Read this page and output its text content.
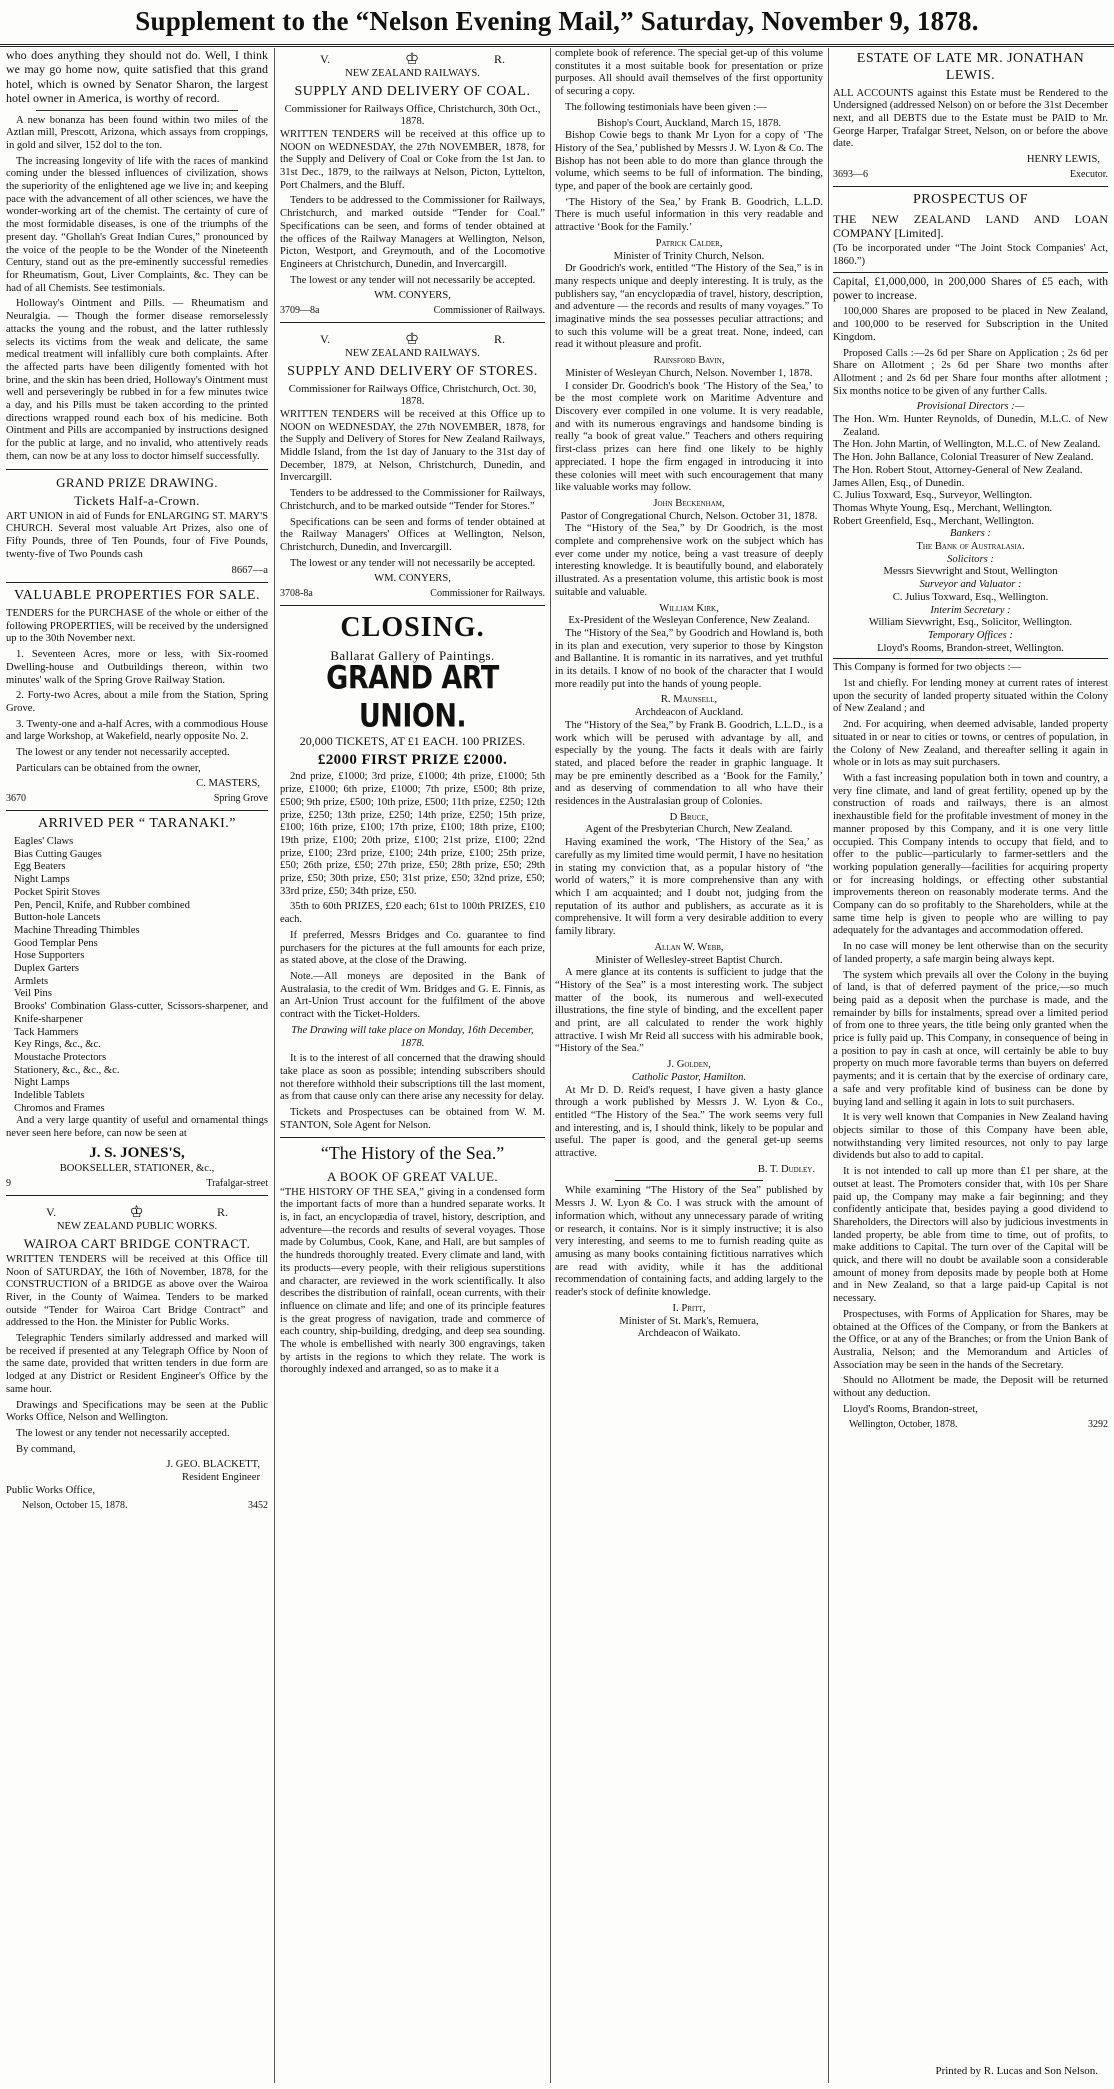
Supplement to the “Nelson Evening Mail,” Saturday, November 9, 1878.

who does anything they should not do. Well, I think we may go home now, quite satisfied that this grand hotel, which is owned by Senator Sharon, the largest hotel owner in America, is worthy of record.

A new bonanza has been found within two miles of the Aztlan mill, Prescott, Arizona, which assays from croppings, in gold and silver, 152 dol to the ton.

The increasing longevity of life with the races of mankind coming under the blessed influences of civilization, shows the superiority of the enlightened age we live in; and keeping pace with the advancement of all other sciences, we have the wonder-working art of the chemist. The certainty of cure of the most formidable diseases, is one of the triumphs of the present day. “Ghollah's Great Indian Cures,” pronounced by the voice of the people to be the Wonder of the Nineteenth Century, stand out as the pre-eminently successful remedies for Rheumatism, Gout, Liver Complaints, &c. They can be had of all Chemists. See testimonials.

Holloway's Ointment and Pills. — Rheumatism and Neuralgia. — Though the former disease remorselessly attacks the young and the robust, and the latter ruthlessly selects its victims from the weak and delicate, the same medical treatment will infallibly cure both complaints. After the affected parts have been diligently fomented with hot brine, and the skin has been dried, Holloway's Ointment must well and perseveringly be rubbed in for a few minutes twice a day, and his Pills must be taken according to the printed directions wrapped round each box of his medicine. Both Ointment and Pills are accompanied by instructions designed for the public at large, and no invalid, who attentively reads them, can now be at any loss to doctor himself successfully.

GRAND PRIZE DRAWING.
Tickets Half-a-Crown.

ART UNION in aid of Funds for ENLARGING ST. MARY'S CHURCH. Several most valuable Art Prizes, also one of Fifty Pounds, three of Ten Pounds, four of Five Pounds, twenty-five of Two Pounds cash

8667—a
VALUABLE PROPERTIES FOR SALE.

TENDERS for the PURCHASE of the whole or either of the following PROPERTIES, will be received by the undersigned up to the 30th November next.

1. Seventeen Acres, more or less, with Six-roomed Dwelling-house and Outbuildings thereon, within two minutes' walk of the Spring Grove Railway Station.

2. Forty-two Acres, about a mile from the Station, Spring Grove.

3. Twenty-one and a-half Acres, with a commodious House and large Workshop, at Wakefield, nearly opposite No. 2.

The lowest or any tender not necessarily accepted.

Particulars can be obtained from the owner,

C. MASTERS,
3670	Spring Grove
ARRIVED PER “ TARANAKI.”
Eagles' Claws
Bias Cutting Gauges
Egg Beaters
Night Lamps
Pocket Spirit Stoves
Pen, Pencil, Knife, and Rubber combined
Button-hole Lancets
Machine Threading Thimbles
Good Templar Pens
Hose Supporters
Duplex Garters
Armlets
Veil Pins
Brooks' Combination Glass-cutter, Scissors-sharpener, and Knife-sharpener
Tack Hammers
Key Rings, &c., &c.
Moustache Protectors
Stationery, &c., &c., &c.
Night Lamps
Indelible Tablets
Chromos and Frames

And a very large quantity of useful and ornamental things never seen here before, can now be seen at

J. S. JONES'S,
BOOKSELLER, STATIONER, &c.,
9	Trafalgar-street
V.	♔	R.
NEW ZEALAND PUBLIC WORKS.
WAIROA CART BRIDGE CONTRACT.

WRITTEN TENDERS will be received at this Office till Noon of SATURDAY, the 16th of November, 1878, for the CONSTRUCTION of a BRIDGE as above over the Wairoa River, in the County of Waimea. Tenders to be marked outside “Tender for Wairoa Cart Bridge Contract” and addressed to the Hon. the Minister for Public Works.

Telegraphic Tenders similarly addressed and marked will be received if presented at any Telegraph Office by Noon of the same date, provided that written tenders in due form are lodged at any District or Resident Engineer's Office by the same hour.

Drawings and Specifications may be seen at the Public Works Office, Nelson and Wellington.

The lowest or any tender not necessarily accepted.

By command,

J. GEO. BLACKETT,
Resident Engineer
Public Works Office,
Nelson, October 15, 1878.	3452
V.	♔	R.
NEW ZEALAND RAILWAYS.
SUPPLY AND DELIVERY OF COAL.
Commissioner for Railways Office, Christchurch, 30th Oct., 1878.

WRITTEN TENDERS will be received at this office up to NOON on WEDNESDAY, the 27th NOVEMBER, 1878, for the Supply and Delivery of Coal or Coke from the 1st Jan. to 31st Dec., 1879, to the railways at Nelson, Picton, Lyttelton, Port Chalmers, and the Bluff.

Tenders to be addressed to the Commissioner for Railways, Christchurch, and marked outside “Tender for Coal.” Specifications can be seen, and forms of tender obtained at the offices of the Railway Managers at Wellington, Nelson, Picton, Westport, and Greymouth, and of the Locomotive Engineers at Christchurch, Dunedin, and Invercargill.

The lowest or any tender will not necessarily be accepted.

WM. CONYERS,
3709—8a	Commissioner of Railways.
V.	♔	R.
NEW ZEALAND RAILWAYS.
SUPPLY AND DELIVERY OF STORES.
Commissioner for Railways Office, Christchurch, Oct. 30, 1878.

WRITTEN TENDERS will be received at this Office up to NOON on WEDNESDAY, the 27th NOVEMBER, 1878, for the Supply and Delivery of Stores for New Zealand Railways, Middle Island, from the 1st day of January to the 31st day of December, 1879, at Nelson, Christchurch, Dunedin, and Invercargill.

Tenders to be addressed to the Commissioner for Railways, Christchurch, and to be marked outside “Tender for Stores.”

Specifications can be seen and forms of tender obtained at the Railway Managers' Offices at Wellington, Nelson, Christchurch, Dunedin, and Invercargill.

The lowest or any tender will not necessarily be accepted.

WM. CONYERS,
3708-8a	Commissioner for Railways.
CLOSING.
Ballarat Gallery of Paintings.
GRAND ART UNION.
20,000 TICKETS, AT £1 EACH. 100 PRIZES.
£2000 FIRST PRIZE £2000.

2nd prize, £1000; 3rd prize, £1000; 4th prize, £1000; 5th prize, £1000; 6th prize, £1000; 7th prize, £500; 8th prize, £500; 9th prize, £500; 10th prize, £500; 11th prize, £250; 12th prize, £250; 13th prize, £250; 14th prize, £250; 15th prize, £100; 16th prize, £100; 17th prize, £100; 18th prize, £100; 19th prize, £100; 20th prize, £100; 21st prize, £100; 22nd prize, £100; 23rd prize, £100; 24th prize, £100; 25th prize, £50; 26th prize, £50; 27th prize, £50; 28th prize, £50; 29th prize, £50; 30th prize, £50; 31st prize, £50; 32nd prize, £50; 33rd prize, £50; 34th prize, £50.

35th to 60th PRIZES, £20 each; 61st to 100th PRIZES, £10 each.

If preferred, Messrs Bridges and Co. guarantee to find purchasers for the pictures at the full amounts for each prize, as stated above, at the close of the Drawing.

Note.—All moneys are deposited in the Bank of Australasia, to the credit of Wm. Bridges and G. E. Finnis, as an Art-Union Trust account for the fulfilment of the above contract with the Ticket-Holders.

The Drawing will take place on Monday, 16th December, 1878.

It is to the interest of all concerned that the drawing should take place as soon as possible; intending subscribers should not therefore withhold their subscriptions till the last moment, as from that cause only can there arise any necessity for delay.

Tickets and Prospectuses can be obtained from W. M. STANTON, Sole Agent for Nelson.

“The History of the Sea.”
A BOOK OF GREAT VALUE.

“THE HISTORY OF THE SEA,” giving in a condensed form the important facts of more than a hundred separate works. It is, in fact, an encyclopædia of travel, history, description, and adventure—the records and results of several voyages. Those made by Columbus, Cook, Kane, and Hall, are but samples of the hundreds thoroughly treated. Every climate and land, with its products—every people, with their religious superstitions and character, are reviewed in the work scientifically. It also describes the distribution of rainfall, ocean currents, with their influence on climate and life; and one of its principle features is the great progress of navigation, trade and commerce of each country, ship-building, dredging, and deep sea sounding. The whole is embellished with nearly 300 engravings, taken by artists in the regions to which they relate. The work is thoroughly indexed and arranged, so as to make it a

complete book of reference. The special get-up of this volume constitutes it a most suitable book for presentation or prize purposes. All should avail themselves of the first opportunity of securing a copy.

The following testimonials have been given :—

Bishop's Court, Auckland, March 15, 1878.

Bishop Cowie begs to thank Mr Lyon for a copy of ‘The History of the Sea,’ published by Messrs J. W. Lyon & Co. The Bishop has not been able to do more than glance through the volume, which seems to be full of information. The binding, type, and paper of the book are certainly good.

‘The History of the Sea,’ by Frank B. Goodrich, L.L.D. There is much useful information in this very readable and attractive ‘Book for the Family.’

Patrick Calder,
Minister of Trinity Church, Nelson.

Dr Goodrich's work, entitled “The History of the Sea,” is in many respects unique and deeply interesting. It is truly, as the publishers say, “an encyclopædia of travel, history, description, and adventure — the records and results of many voyages.” To imaginative minds the sea possesses peculiar attractions; and to such this volume will be a great treat. None, indeed, can read it without pleasure and profit.

Rainsford Bavin,
Minister of Wesleyan Church, Nelson. November 1, 1878.

I consider Dr. Goodrich's book ‘The History of the Sea,’ to be the most complete work on Maritime Adventure and Discovery ever compiled in one volume. It is very readable, and with its numerous engravings and handsome binding is really “a book of great value.” Teachers and others requiring first-class prizes can here find one likely to be highly appreciated. I hope the firm engaged in introducing it into these colonies will meet with such encouragement that many like valuable works may follow.

John Beckenham,
Pastor of Congregational Church, Nelson. October 31, 1878.

The “History of the Sea,” by Dr Goodrich, is the most complete and comprehensive work on the subject which has ever come under my notice, being a vast treasure of deeply interesting knowledge. It is beautifully bound, and elaborately illustrated. As a presentation volume, this artistic book is most suitable and valuable.

William Kirk,
Ex-President of the Wesleyan Conference, New Zealand.

The “History of the Sea,” by Goodrich and Howland is, both in its plan and execution, very superior to those by Kingston and Ballantine. It is romantic in its narratives, and yet truthful in its details. I know of no book of the character that I would more readily put into the hands of young people.

R. Maunsell,
Archdeacon of Auckland.

The “History of the Sea,” by Frank B. Goodrich, L.L.D., is a work which will be perused with advantage by all, and especially by the young. The facts it deals with are fairly stated, and placed before the reader in graphic language. It may be pre eminently described as a ‘Book for the Family,’ and as deserving of commendation to all who have their residences in the Australasian group of Colonies.

D Bruce,
Agent of the Presbyterian Church, New Zealand.

Having examined the work, ‘The History of the Sea,’ as carefully as my limited time would permit, I have no hesitation in stating my conviction that, as a popular history of “the world of waters,” it is more comprehensive than any with which I am acquainted; and I doubt not, judging from the reputation of its author and publishers, as accurate as it is comprehensive. It will form a very desirable addition to every family library.

Allan W. Webb,
Minister of Wellesley-street Baptist Church.

A mere glance at its contents is sufficient to judge that the “History of the Sea” is a most interesting work. The subject matter of the book, its numerous and well-executed illustrations, the fine style of binding, and the excellent paper and print, are all calculated to render the work highly attractive. I wish Mr Reid all success with his admirable book, “History of the Sea.”

J. Golden,
Catholic Pastor, Hamilton.

At Mr D. D. Reid's request, I have given a hasty glance through a work published by Messrs J. W. Lyon & Co., entitled “The History of the Sea.” The work seems very full and interesting, and is, I should think, likely to be popular and useful. The paper is good, and the general get-up seems attractive.

B. T. Dudley.

While examining “The History of the Sea” published by Messrs J. W. Lyon & Co. I was struck with the amount of information which, without any unnecessary parade of writing or research, it contains. Nor is it simply instructive; it is also very interesting, and seems to me to furnish reading quite as amusing as many books containing fictitious narratives which are read with avidity, while it has the additional recommendation of containing facts, and adding largely to the reader's stock of definite knowledge.

I. Pritt,
Minister of St. Mark's, Remuera,
Archdeacon of Waikato.
ESTATE OF LATE MR. JONATHAN LEWIS.

ALL ACCOUNTS against this Estate must be Rendered to the Undersigned (addressed Nelson) on or before the 31st December next, and all DEBTS due to the Estate must be PAID to Mr. George Harper, Trafalgar Street, Nelson, on or before the above date.

HENRY LEWIS,
3693—6	Executor.
PROSPECTUS OF

THE NEW ZEALAND LAND AND LOAN COMPANY [Limited].

(To be incorporated under “The Joint Stock Companies' Act, 1860.”)

Capital, £1,000,000, in 200,000 Shares of £5 each, with power to increase.

100,000 Shares are proposed to be placed in New Zealand, and 100,000 to be reserved for Subscription in the United Kingdom.

Proposed Calls :—2s 6d per Share on Application ; 2s 6d per Share on Allotment ; 2s 6d per Share two months after Allotment ; and 2s 6d per Share four months after allotment ; Six months notice to be given of any further Calls.

Provisional Directors :—
The Hon. Wm. Hunter Reynolds, of Dunedin, M.L.C. of New Zealand.
The Hon. John Martin, of Wellington, M.L.C. of New Zealand.
The Hon. John Ballance, Colonial Treasurer of New Zealand.
The Hon. Robert Stout, Attorney-General of New Zealand.
James Allen, Esq., of Dunedin.
C. Julius Toxward, Esq., Surveyor, Wellington.
Thomas Whyte Young, Esq., Merchant, Wellington.
Robert Greenfield, Esq., Merchant, Wellington.
Bankers :
The Bank of Australasia.
Solicitors :
Messrs Sievwright and Stout, Wellington
Surveyor and Valuator :
C. Julius Toxward, Esq., Wellington.
Interim Secretary :
William Sievwright, Esq., Solicitor, Wellington.
Temporary Offices :
Lloyd's Rooms, Brandon-street, Wellington.

This Company is formed for two objects :—

1st and chiefly. For lending money at current rates of interest upon the security of landed property situated within the Colony of New Zealand ; and

2nd. For acquiring, when deemed advisable, landed property situated in or near to cities or towns, or centres of population, in the Colony of New Zealand, and thereafter selling it again in whole or in lots as may suit purchasers.

With a fast increasing population both in town and country, a very fine climate, and land of great fertility, opened up by the construction of roads and railways, there is an almost inexhaustible field for the profitable investment of money in the manner proposed by this Company, and it is one very little occupied. This Company intends to occupy that field, and to offer to the public—particularly to farmer-settlers and the working population generally—facilities for acquiring property or for increasing holdings, or effecting other substantial improvements thereon on reasonably moderate terms. And the Company can do so profitably to the Shareholders, while at the same time help is given to people who are willing to pay adequately for the advantages and accommodation offered.

In no case will money be lent otherwise than on the security of landed property, a safe margin being always kept.

The system which prevails all over the Colony in the buying of land, is that of deferred payment of the price,—so much being paid as a deposit when the purchase is made, and the remainder by bills for instalments, spread over a limited period of from one to three years, the title being only granted when the price is fully paid up. This Company, in consequence of being in a position to pay in cash at once, will certainly be able to buy property on much more favorable terms than buyers on deferred payments; and it is certain that by the exercise of ordinary care, a safe and very profitable kind of business can be done by buying land and selling it again in lots to suit purchasers.

It is very well known that Companies in New Zealand having objects similar to those of this Company have been able, notwithstanding very limited resources, not only to pay large dividends but also to add to capital.

It is not intended to call up more than £1 per share, at the outset at least. The Promoters consider that, with 10s per Share paid up, the Company may make a fair beginning; and they confidently anticipate that, besides paying a good dividend to Shareholders, the Directors will also by judicious investments in landed property, be able from time to time, out of profits, to make additions to Capital. The turn over of the Capital will be quick, and there will no doubt be available soon a considerable amount of money from deposits made by people both at Home and in New Zealand, so that a large paid-up Capital is not necessary.

Prospectuses, with Forms of Application for Shares, may be obtained at the Offices of the Company, or from the Bankers at the Office, or at any of the Branches; or from the Union Bank of Australia, Nelson; and the Memorandum and Articles of Association may be seen in the hands of the Secretary.

Should no Allotment be made, the Deposit will be returned without any deduction.

Lloyd's Rooms, Brandon-street,

Wellington, October, 1878.	3292
Printed by R. Lucas and Son Nelson.
